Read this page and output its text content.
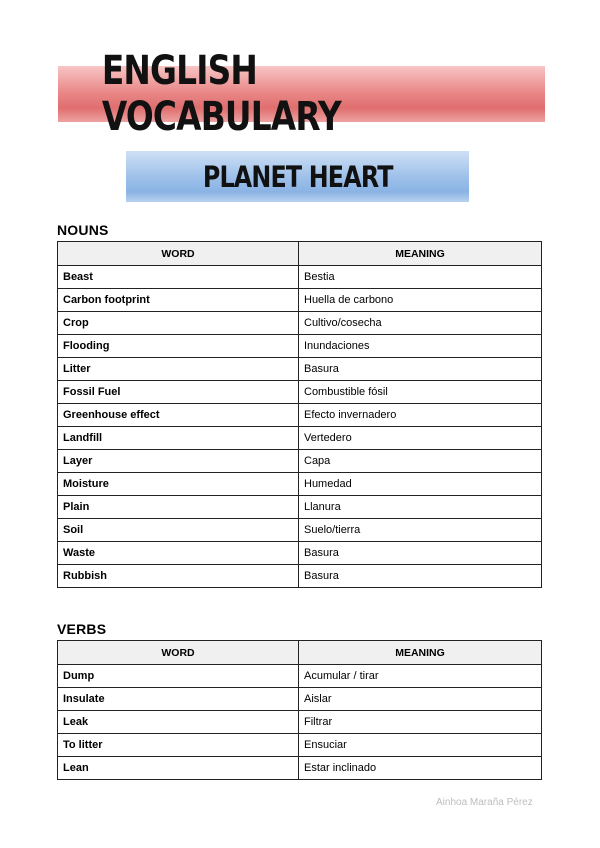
ENGLISH VOCABULARY
PLANET HEART
NOUNS
WORD	MEANING
Beast	Bestia
Carbon footprint	Huella de carbono
Crop	Cultivo/cosecha
Flooding	Inundaciones
Litter	Basura
Fossil Fuel	Combustible fósil
Greenhouse effect	Efecto invernadero
Landfill	Vertedero
Layer	Capa
Moisture	Humedad
Plain	Llanura
Soil	Suelo/tierra
Waste	Basura
Rubbish	Basura
VERBS
WORD	MEANING
Dump	Acumular / tirar
Insulate	Aislar
Leak	Filtrar
To litter	Ensuciar
Lean	Estar inclinado
Ainhoa Maraña Pérez
